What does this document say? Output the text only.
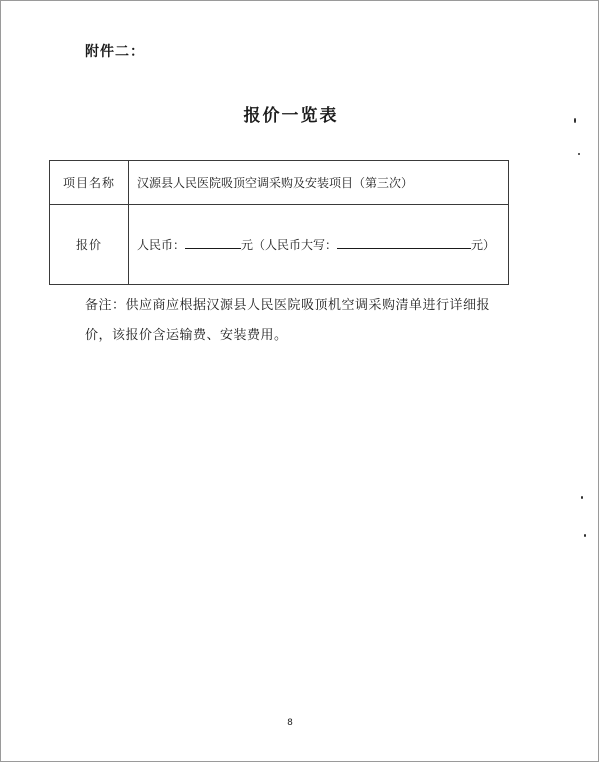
附件二：
报价一览表
项目名称	汉源县人民医院吸顶空调采购及安装项目（第三次）
报价	人民币： 元（人民币大写： 元）
备注：供应商应根据汉源县人民医院吸顶机空调采购清单进行详细报
价，该报价含运输费、安装费用。
8
